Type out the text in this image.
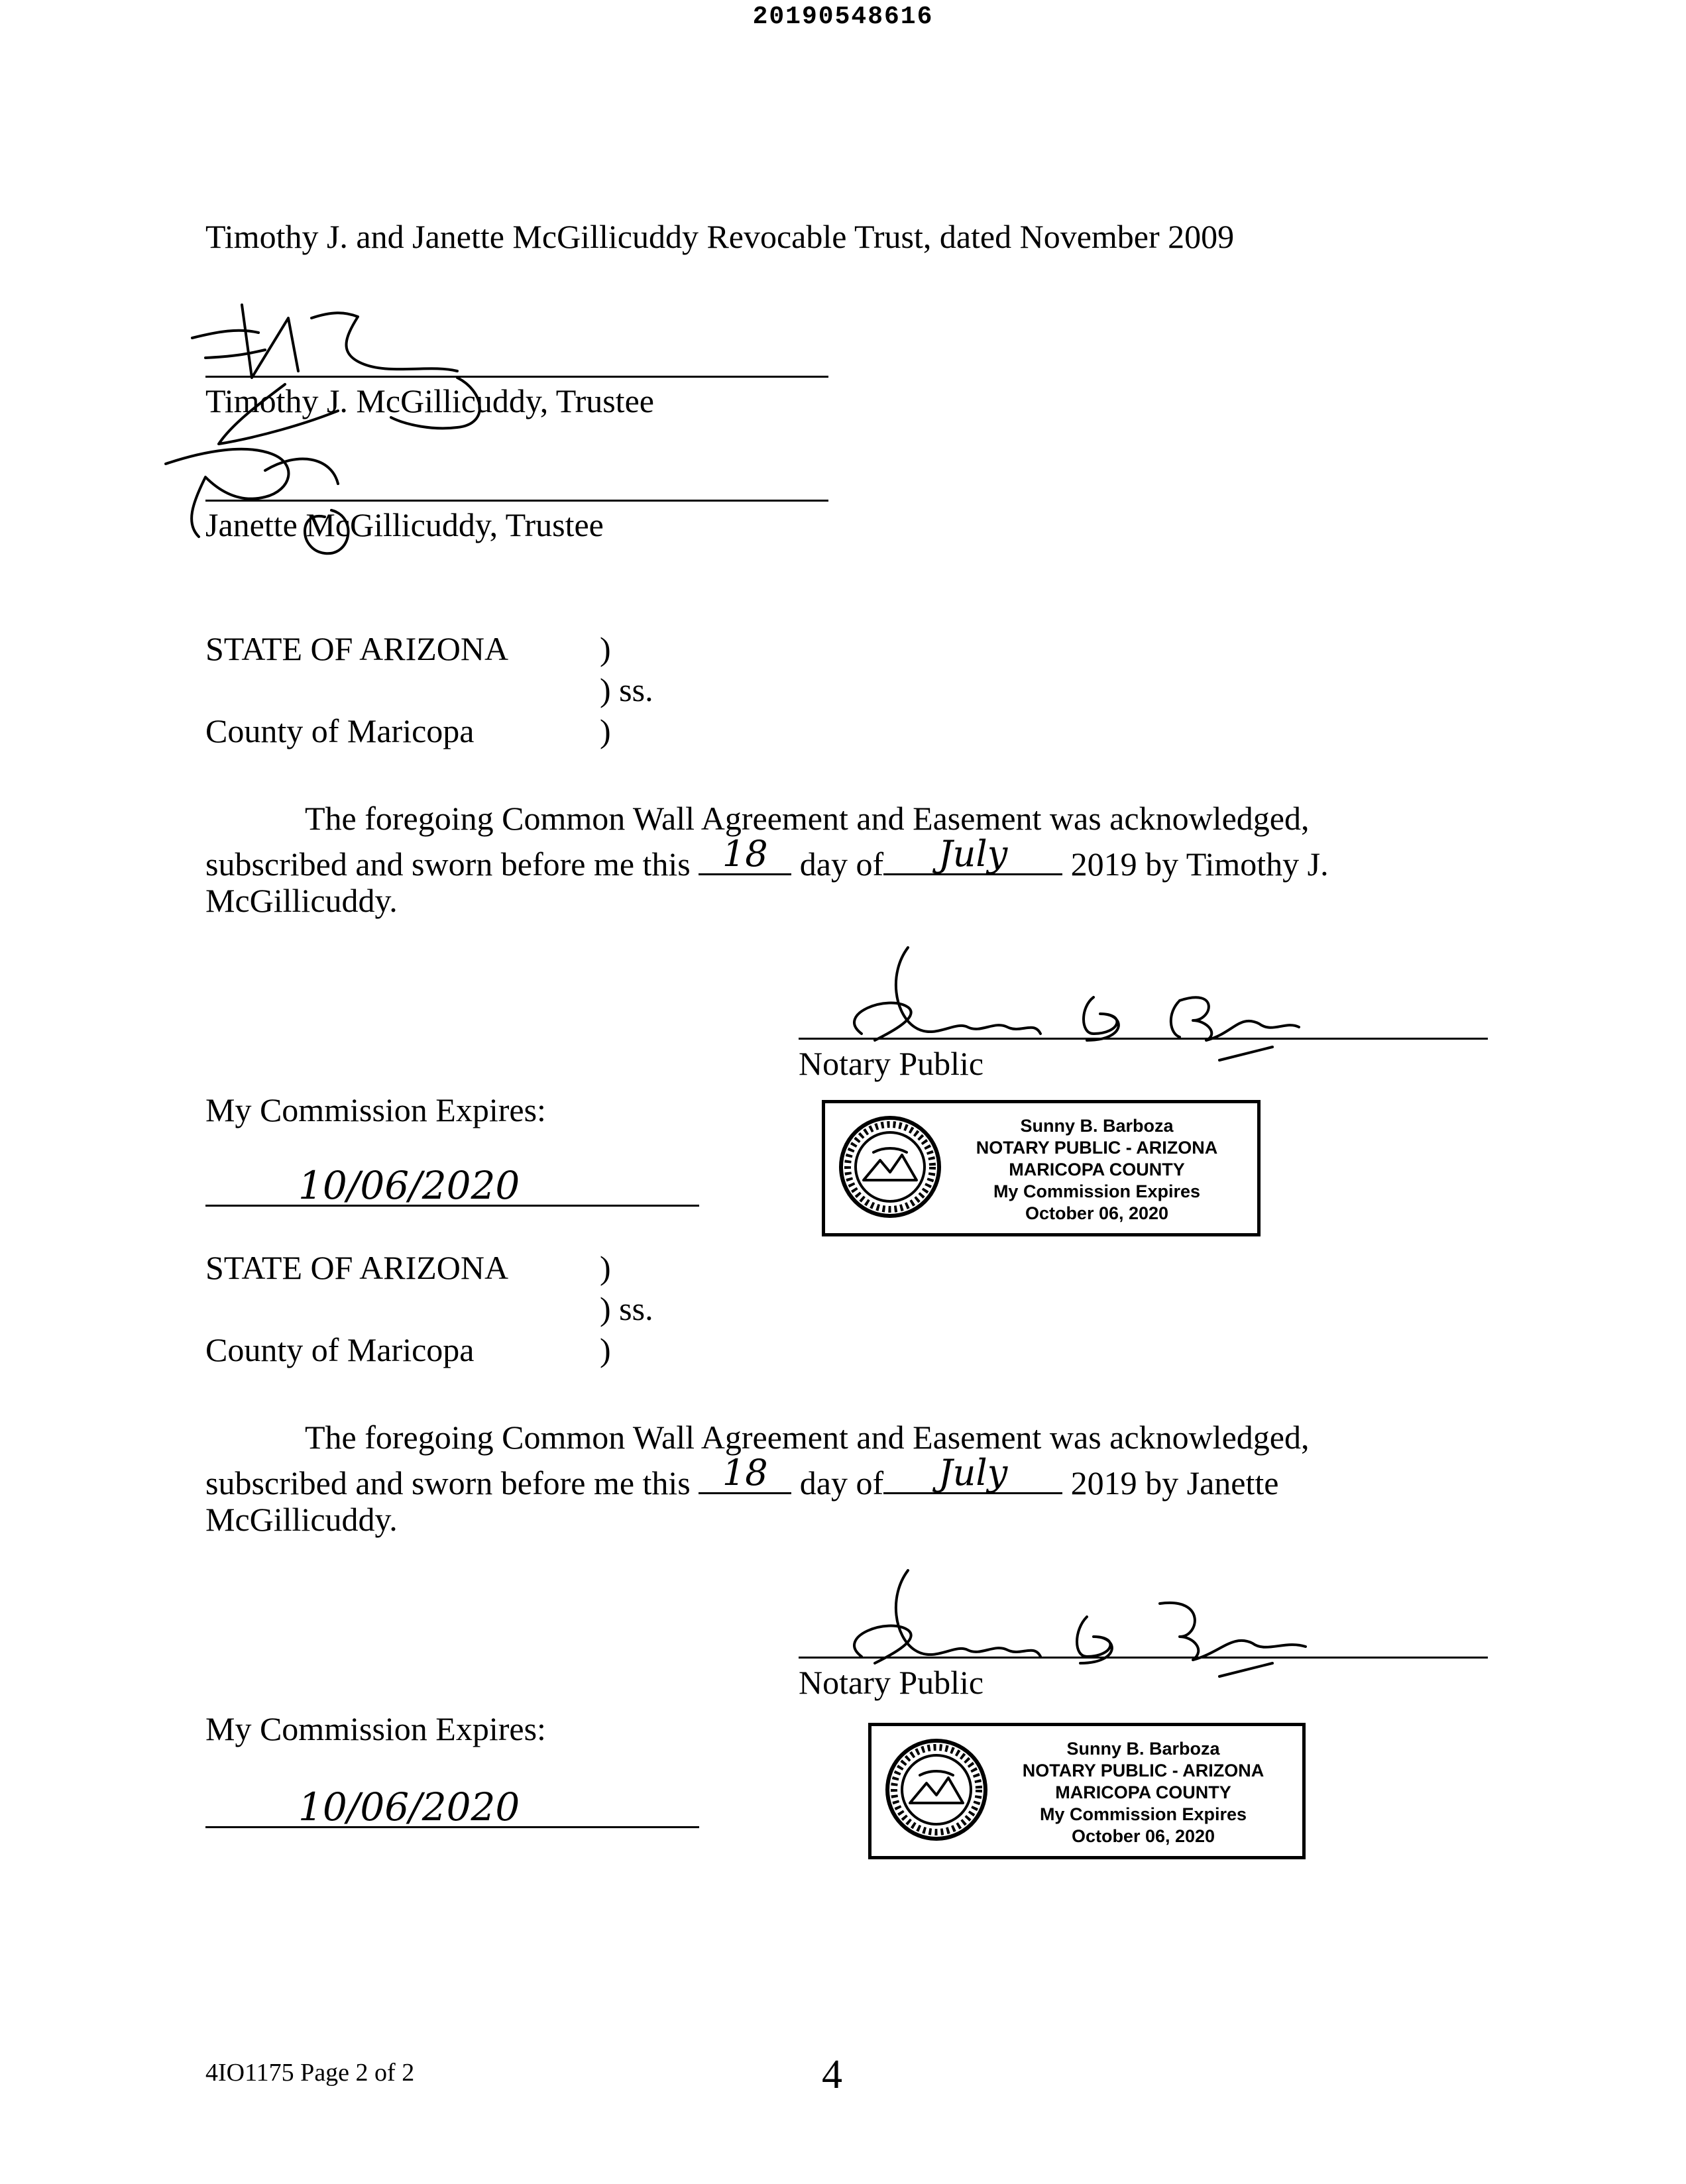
20190548616
Timothy J. and Janette McGillicuddy Revocable Trust, dated November 2009
Timothy J. McGillicuddy, Trustee
Janette McGillicuddy, Trustee
STATE OF ARIZONA	)
) ss.
County of Maricopa	)
The foregoing Common Wall Agreement and Easement was acknowledged,
subscribed and sworn before me this 18 day of	July	2019 by Timothy J.
McGillicuddy.
Notary Public
My Commission Expires:
10/06/2020
Sunny B. Barboza
NOTARY PUBLIC - ARIZONA
MARICOPA COUNTY
My Commission Expires
October 06, 2020
STATE OF ARIZONA	)
) ss.
County of Maricopa	)
The foregoing Common Wall Agreement and Easement was acknowledged,
subscribed and sworn before me this 18 day of	July	2019 by Janette
McGillicuddy.
Notary Public
My Commission Expires:
10/06/2020
Sunny B. Barboza
NOTARY PUBLIC - ARIZONA
MARICOPA COUNTY
My Commission Expires
October 06, 2020
4IO1175 Page 2 of 2	4
